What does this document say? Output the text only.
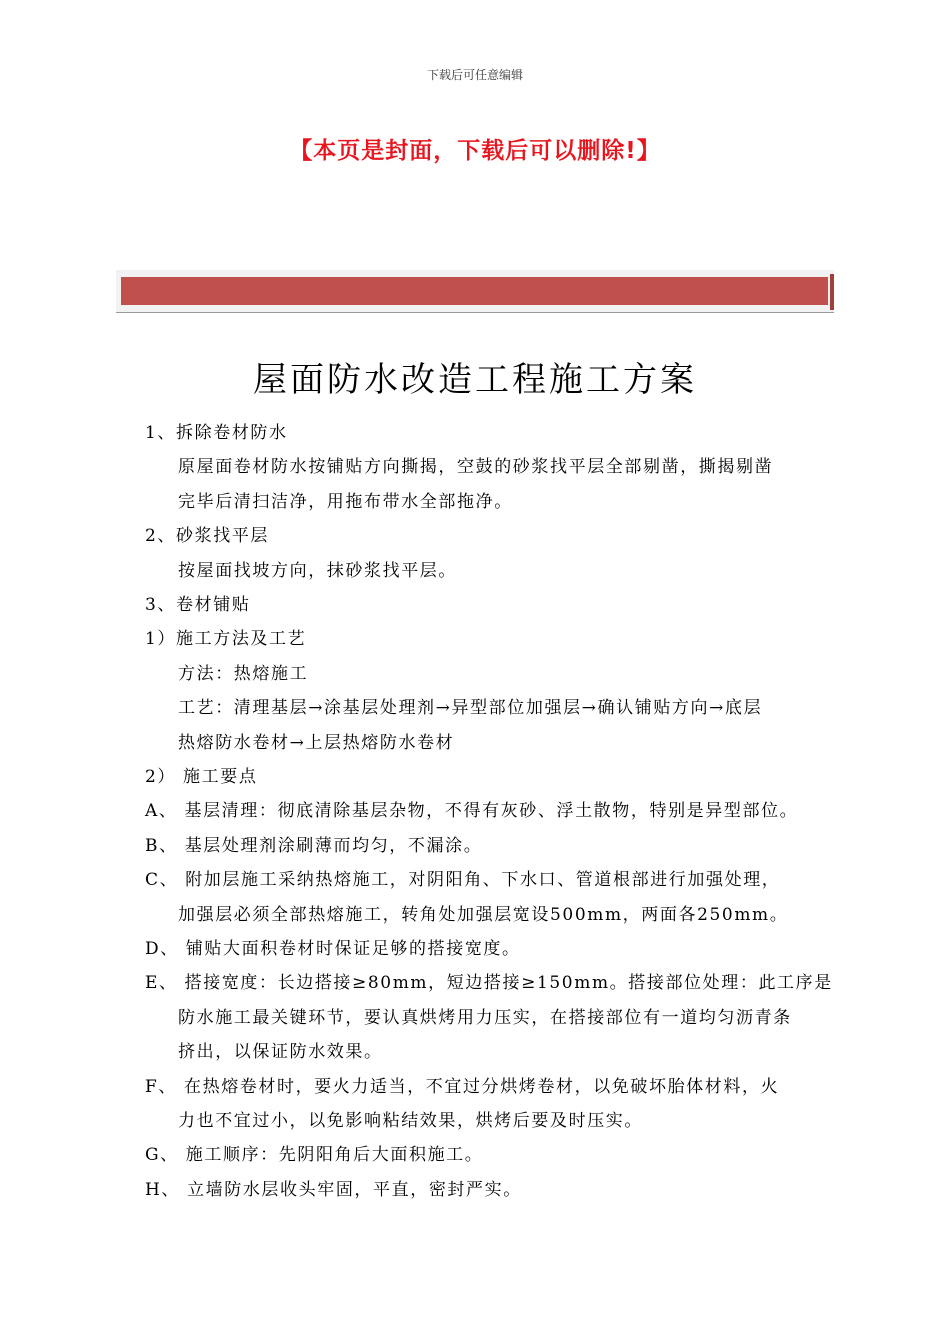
下载后可任意编辑
【本页是封面，下载后可以删除!】
屋面防水改造工程施工方案
1、拆除卷材防水
原屋面卷材防水按铺贴方向撕揭，空鼓的砂浆找平层全部剔凿，撕揭剔凿
完毕后清扫洁净，用拖布带水全部拖净。
2、砂浆找平层
按屋面找坡方向，抹砂浆找平层。
3、卷材铺贴
1）施工方法及工艺
方法：热熔施工
工艺：清理基层→涂基层处理剂→异型部位加强层→确认铺贴方向→底层
热熔防水卷材→上层热熔防水卷材
2） 施工要点
A、 基层清理：彻底清除基层杂物，不得有灰砂、浮土散物，特别是异型部位。
B、 基层处理剂涂刷薄而均匀，不漏涂。
C、 附加层施工采纳热熔施工，对阴阳角、下水口、管道根部进行加强处理，
加强层必须全部热熔施工，转角处加强层宽设500mm，两面各250mm。
D、 铺贴大面积卷材时保证足够的搭接宽度。
E、 搭接宽度：长边搭接≥80mm，短边搭接≥150mm。搭接部位处理：此工序是
防水施工最关键环节，要认真烘烤用力压实，在搭接部位有一道均匀沥青条
挤出，以保证防水效果。
F、 在热熔卷材时，要火力适当，不宜过分烘烤卷材，以免破坏胎体材料，火
力也不宜过小，以免影响粘结效果，烘烤后要及时压实。
G、 施工顺序：先阴阳角后大面积施工。
H、 立墙防水层收头牢固，平直，密封严实。
